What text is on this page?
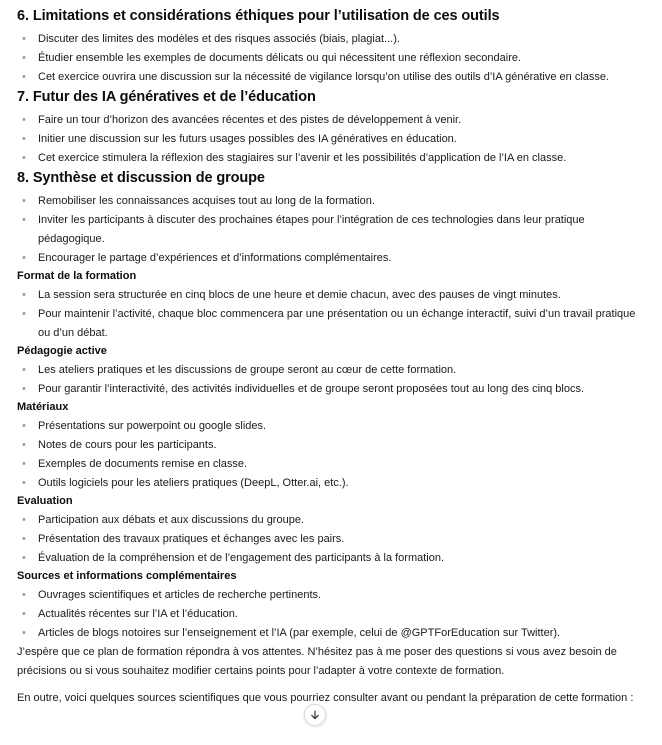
6. Limitations et considérations éthiques pour l’utilisation de ces outils
• Discuter des limites des modèles et des risques associés (biais, plagiat...).
• Étudier ensemble les exemples de documents délicats ou qui nécessitent une réflexion secondaire.
• Cet exercice ouvrira une discussion sur la nécessité de vigilance lorsqu’on utilise des outils d’IA générative en classe.
7. Futur des IA génératives et de l’éducation
• Faire un tour d’horizon des avancées récentes et des pistes de développement à venir.
• Initier une discussion sur les futurs usages possibles des IA génératives en éducation.
• Cet exercice stimulera la réflexion des stagiaires sur l’avenir et les possibilités d’application de l’IA en classe.
8. Synthèse et discussion de groupe
• Remobiliser les connaissances acquises tout au long de la formation.
• Inviter les participants à discuter des prochaines étapes pour l’intégration de ces technologies dans leur pratique pédagogique.
• Encourager le partage d’expériences et d’informations complémentaires.
Format de la formation
• La session sera structurée en cinq blocs de une heure et demie chacun, avec des pauses de vingt minutes.
• Pour maintenir l’activité, chaque bloc commencera par une présentation ou un échange interactif, suivi d’un travail pratique ou d’un débat.
Pédagogie active
• Les ateliers pratiques et les discussions de groupe seront au cœur de cette formation.
• Pour garantir l’interactivité, des activités individuelles et de groupe seront proposées tout au long des cinq blocs.
Matériaux
• Présentations sur powerpoint ou google slides.
• Notes de cours pour les participants.
• Exemples de documents remise en classe.
• Outils logiciels pour les ateliers pratiques (DeepL, Otter.ai, etc.).
Evaluation
• Participation aux débats et aux discussions du groupe.
• Présentation des travaux pratiques et échanges avec les pairs.
• Évaluation de la compréhension et de l’engagement des participants à la formation.
Sources et informations complémentaires
• Ouvrages scientifiques et articles de recherche pertinents.
• Actualités récentes sur l’IA et l’éducation.
• Articles de blogs notoires sur l’enseignement et l’IA (par exemple, celui de @GPTForEducation sur Twitter).

J’espère que ce plan de formation répondra à vos attentes. N’hésitez pas à me poser des questions si vous avez besoin de précisions ou si vous souhaitez modifier certains points pour l’adapter à votre contexte de formation.

En outre, voici quelques sources scientifiques que vous pourriez consulter avant ou pendant la préparation de cette formation :
